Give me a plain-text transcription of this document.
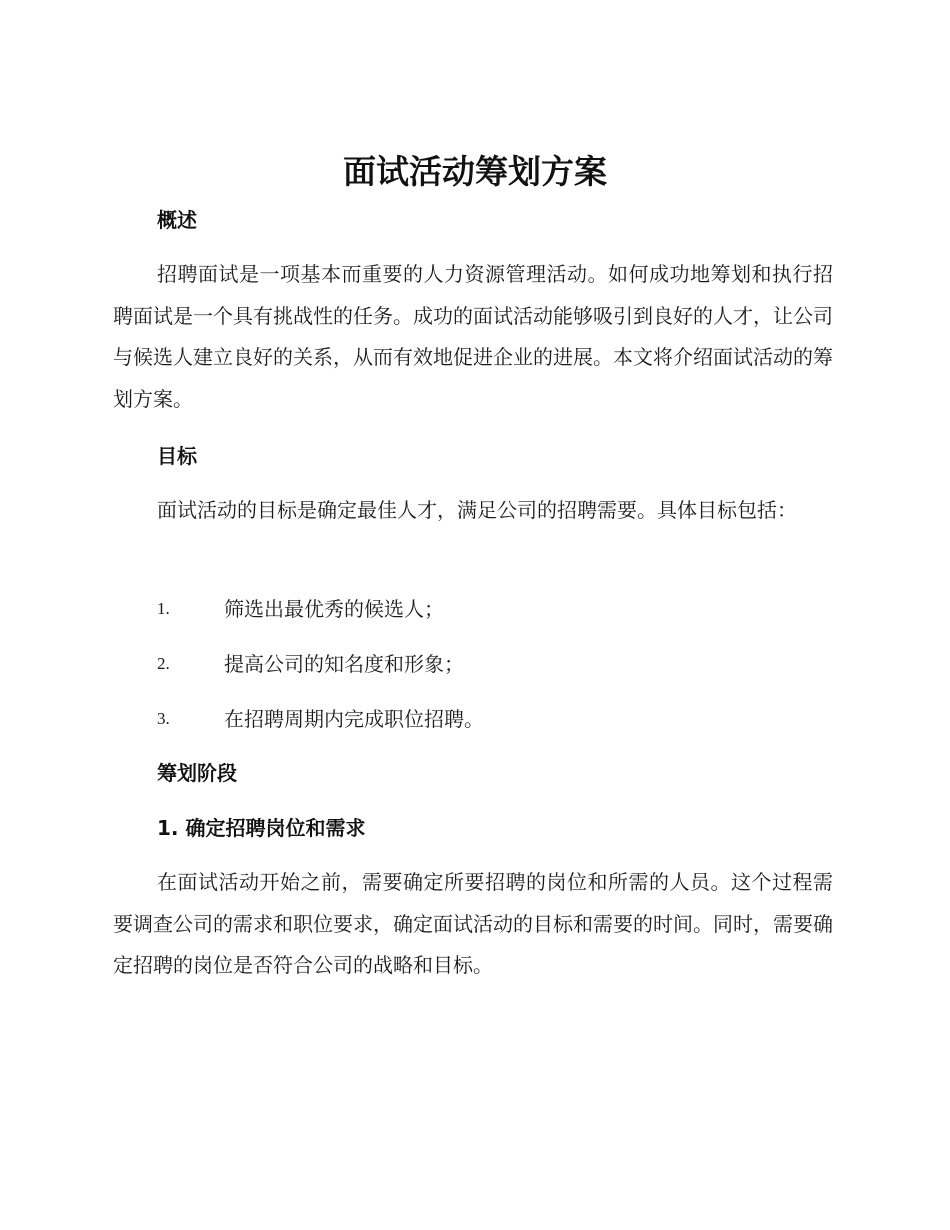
面试活动筹划方案
概述
招聘面试是一项基本而重要的人力资源管理活动。如何成功地筹划和执行招聘面试是一个具有挑战性的任务。成功的面试活动能够吸引到良好的人才，让公司与候选人建立良好的关系，从而有效地促进企业的进展。本文将介绍面试活动的筹划方案。
目标
面试活动的目标是确定最佳人才，满足公司的招聘需要。具体目标包括：
1.	筛选出最优秀的候选人；
2.	提高公司的知名度和形象；
3.	在招聘周期内完成职位招聘。
筹划阶段
1. 确定招聘岗位和需求
在面试活动开始之前，需要确定所要招聘的岗位和所需的人员。这个过程需要调查公司的需求和职位要求，确定面试活动的目标和需要的时间。同时，需要确定招聘的岗位是否符合公司的战略和目标。
